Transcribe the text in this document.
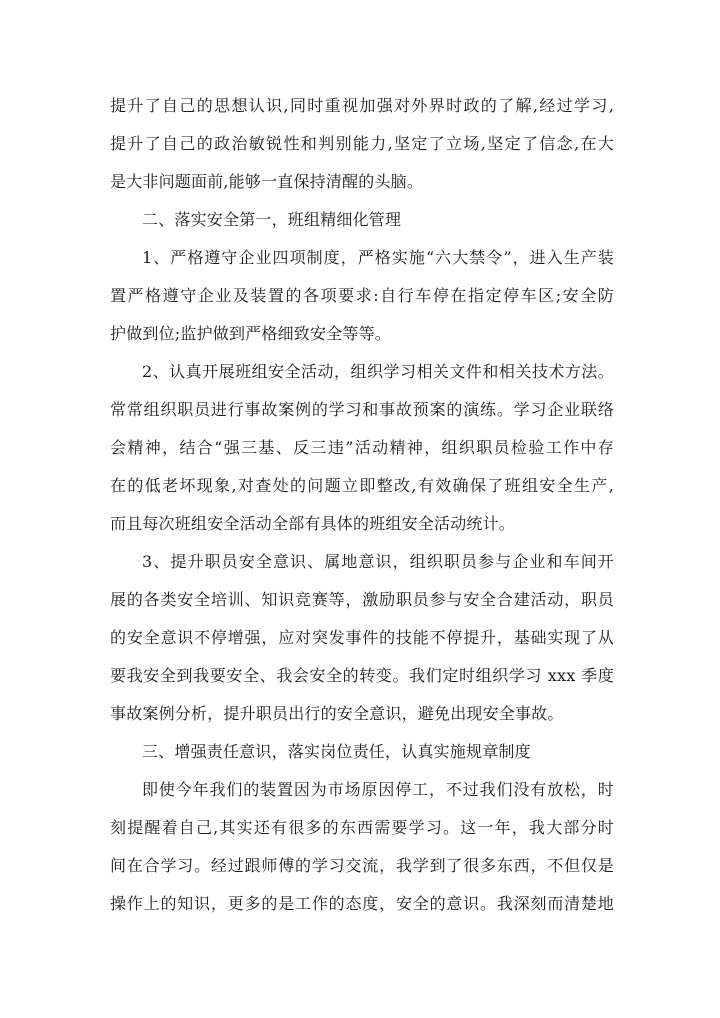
提升了自己的思想认识,同时重视加强对外界时政的了解,经过学习,
提升了自己的政治敏锐性和判别能力,坚定了立场,坚定了信念,在大
是大非问题面前,能够一直保持清醒的头脑。
二、落实安全第一，班组精细化管理
1、严格遵守企业四项制度，严格实施“六大禁令”，进入生产装
置严格遵守企业及装置的各项要求:自行车停在指定停车区;安全防
护做到位;监护做到严格细致安全等等。
2、认真开展班组安全活动，组织学习相关文件和相关技术方法。
常常组织职员进行事故案例的学习和事故预案的演练。学习企业联络
会精神，结合“强三基、反三违”活动精神，组织职员检验工作中存
在的低老坏现象,对查处的问题立即整改,有效确保了班组安全生产,
而且每次班组安全活动全部有具体的班组安全活动统计。
3、提升职员安全意识、属地意识，组织职员参与企业和车间开
展的各类安全培训、知识竞赛等，激励职员参与安全合建活动，职员
的安全意识不停增强，应对突发事件的技能不停提升，基础实现了从
要我安全到我要安全、我会安全的转变。我们定时组织学习 xxx 季度
事故案例分析，提升职员出行的安全意识，避免出现安全事故。
三、增强责任意识，落实岗位责任，认真实施规章制度
即使今年我们的装置因为市场原因停工，不过我们没有放松，时
刻提醒着自己,其实还有很多的东西需要学习。这一年，我大部分时
间在合学习。经过跟师傅的学习交流，我学到了很多东西，不但仅是
操作上的知识，更多的是工作的态度，安全的意识。我深刻而清楚地
